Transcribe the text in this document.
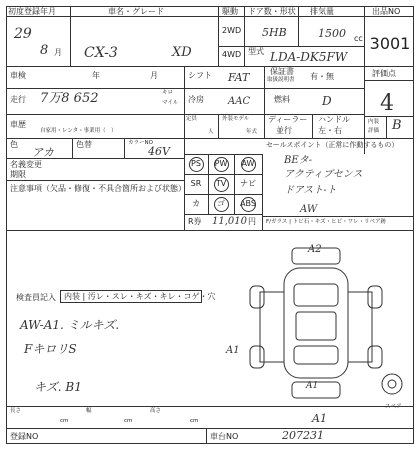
初度登録年月	車名・グレード	駆動 ドア数・形状 排気量	出品NO
3001
2WD
4WD 型式
cc
29
8 月 CX-3	XD
5HB	1500
LDA-DK5FW
車検	年	月	シフト FAT	保証書
取扱説明書 有・無	評価点
4
走行 7万8 652	キロ
マイル 冷房 AAC	燃料	D
車歴
自家用・レンタ・事業用（　）
定員
人
外装モデル
年式
ディーラー
並行
ハンドル
左・右
内装
評価 B
色
アカ
色替	カラーNO
46V
PS	PW	AW
SR	TV	ナビ
カ	ゴ	ABS
R券 11,010 円
セールスポイント（正常に作動するもの）
BEタ-
アクティブセンス
ドアスト-ト
AW
F/ガラス | トビ石・キズ・ヒビ・ワレ・リペア跡
名義変更
期限
注意事項（欠品・修復・不具合箇所および状態）
検査員記入 内装 | 汚レ・スレ・キズ・キレ・コゲ・穴
AW-A1. ミルキズ.
FキロリS
キズ. B1
A2
A1
A1
A1
スペア
長さ
cm
幅
cm
高さ
cm
登録NO	車台NO	207231
